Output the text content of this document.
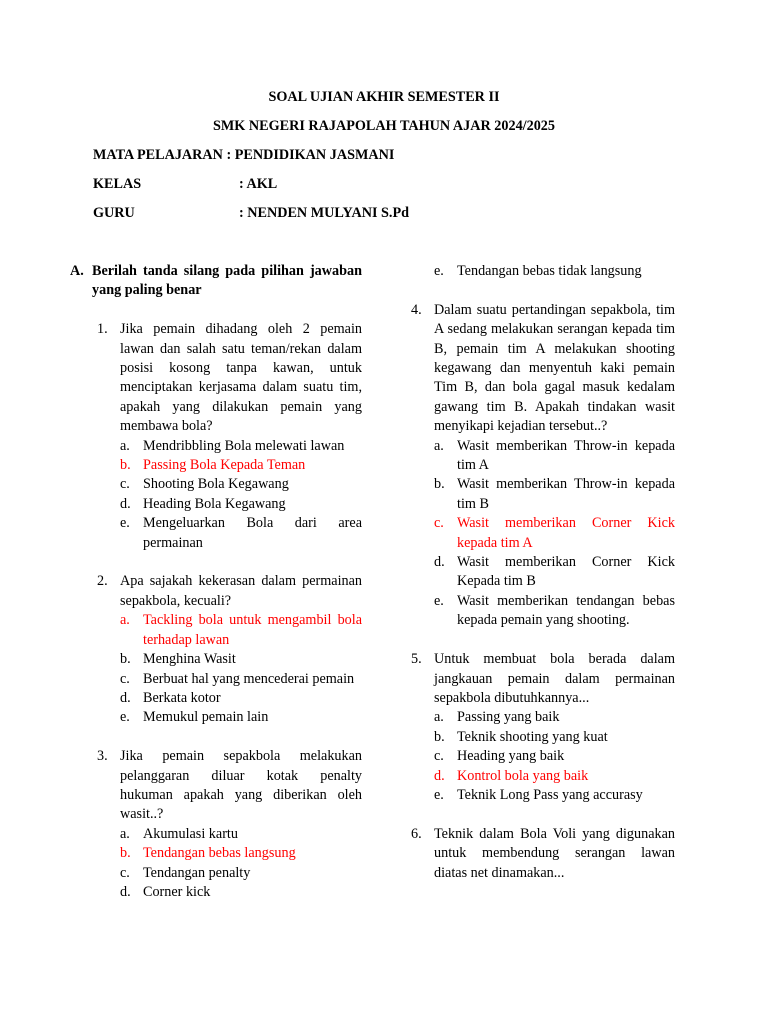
SOAL UJIAN AKHIR SEMESTER II
SMK NEGERI RAJAPOLAH TAHUN AJAR 2024/2025
MATA PELAJARAN : PENDIDIKAN JASMANI
KELAS	: AKL
GURU	: NENDEN MULYANI S.Pd
A. Berilah tanda silang pada pilihan jawaban yang paling benar
1. Jika pemain dihadang oleh 2 pemain lawan dan salah satu teman/rekan dalam posisi kosong tanpa kawan, untuk menciptakan kerjasama dalam suatu tim, apakah yang dilakukan pemain yang membawa bola?
a. Mendribbling Bola melewati lawan
b. Passing Bola Kepada Teman
c. Shooting Bola Kegawang
d. Heading Bola Kegawang
e. Mengeluarkan Bola dari area permainan
2. Apa sajakah kekerasan dalam permainan sepakbola, kecuali?
a. Tackling bola untuk mengambil bola terhadap lawan
b. Menghina Wasit
c. Berbuat hal yang mencederai pemain
d. Berkata kotor
e. Memukul pemain lain
3. Jika pemain sepakbola melakukan pelanggaran diluar kotak penalty hukuman apakah yang diberikan oleh wasit..?
a. Akumulasi kartu
b. Tendangan bebas langsung
c. Tendangan penalty
d. Corner kick
e. Tendangan bebas tidak langsung
4. Dalam suatu pertandingan sepakbola, tim A sedang melakukan serangan kepada tim B, pemain tim A melakukan shooting kegawang dan menyentuh kaki pemain Tim B, dan bola gagal masuk kedalam gawang tim B. Apakah tindakan wasit menyikapi kejadian tersebut..?
a. Wasit memberikan Throw-in kepada tim A
b. Wasit memberikan Throw-in kepada tim B
c. Wasit memberikan Corner Kick kepada tim A
d. Wasit memberikan Corner Kick Kepada tim B
e. Wasit memberikan tendangan bebas kepada pemain yang shooting.
5. Untuk membuat bola berada dalam jangkauan pemain dalam permainan sepakbola dibutuhkannya...
a. Passing yang baik
b. Teknik shooting yang kuat
c. Heading yang baik
d. Kontrol bola yang baik
e. Teknik Long Pass yang accurasy
6. Teknik dalam Bola Voli yang digunakan untuk membendung serangan lawan diatas net dinamakan...
